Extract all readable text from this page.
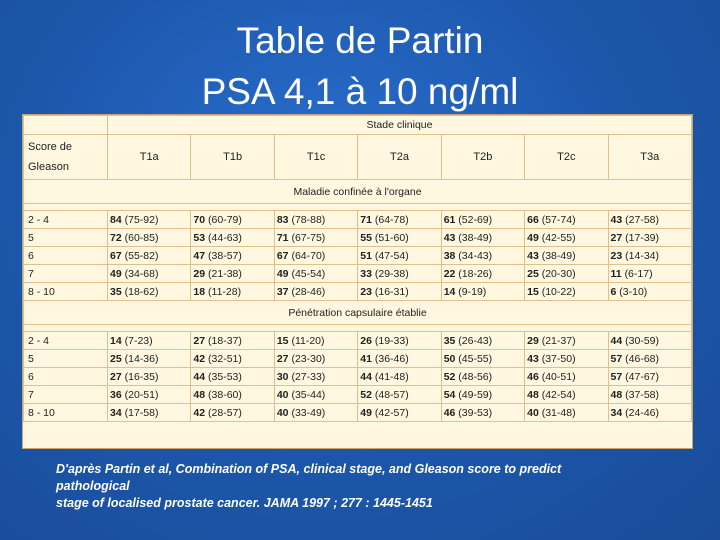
Table de Partin
PSA 4,1 à 10 ng/ml
	Stade clinique						
Score de
Gleason	T1a	T1b	T1c	T2a	T2b	T2c	T3a
Maladie confinée à l'organe							

2 - 4	84 (75-92)	70 (60-79)	83 (78-88)	71 (64-78)	61 (52-69)	66 (57-74)	43 (27-58)
5	72 (60-85)	53 (44-63)	71 (67-75)	55 (51-60)	43 (38-49)	49 (42-55)	27 (17-39)
6	67 (55-82)	47 (38-57)	67 (64-70)	51 (47-54)	38 (34-43)	43 (38-49)	23 (14-34)
7	49 (34-68)	29 (21-38)	49 (45-54)	33 (29-38)	22 (18-26)	25 (20-30)	11 (6-17)
8 - 10	35 (18-62)	18 (11-28)	37 (28-46)	23 (16-31)	14 (9-19)	15 (10-22)	6 (3-10)
Pénétration capsulaire établie							

2 - 4	14 (7-23)	27 (18-37)	15 (11-20)	26 (19-33)	35 (26-43)	29 (21-37)	44 (30-59)
5	25 (14-36)	42 (32-51)	27 (23-30)	41 (36-46)	50 (45-55)	43 (37-50)	57 (46-68)
6	27 (16-35)	44 (35-53)	30 (27-33)	44 (41-48)	52 (48-56)	46 (40-51)	57 (47-67)
7	36 (20-51)	48 (38-60)	40 (35-44)	52 (48-57)	54 (49-59)	48 (42-54)	48 (37-58)
8 - 10	34 (17-58)	42 (28-57)	40 (33-49)	49 (42-57)	46 (39-53)	40 (31-48)	34 (24-46)
D'après Partin et al, Combination of PSA, clinical stage, and Gleason score to predict
pathological
stage of localised prostate cancer. JAMA 1997 ; 277 : 1445-1451
